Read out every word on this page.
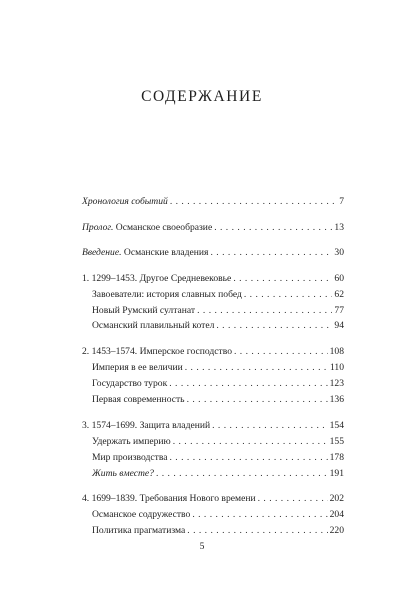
СОДЕРЖАНИЕ
Хронология событий . . .	7
Пролог. Османское своеобразие . . .	13
Введение. Османские владения . . .	30
1. 1299–1453. Другое Средневековье . . .	60
Завоеватели: история славных побед . . .	62
Новый Румский султанат . . .	77
Османский плавильный котел . . .	94
2. 1453–1574. Имперское господство . . .	108
Империя в ее величии . . .	110
Государство турок . . .	123
Первая современность . . .	136
3. 1574–1699. Защита владений . . .	154
Удержать империю . . .	155
Мир производства . . .	178
Жить вместе? . . .	191
4. 1699–1839. Требования Нового времени . . .	202
Османское содружество . . .	204
Политика прагматизма . . .	220
5
